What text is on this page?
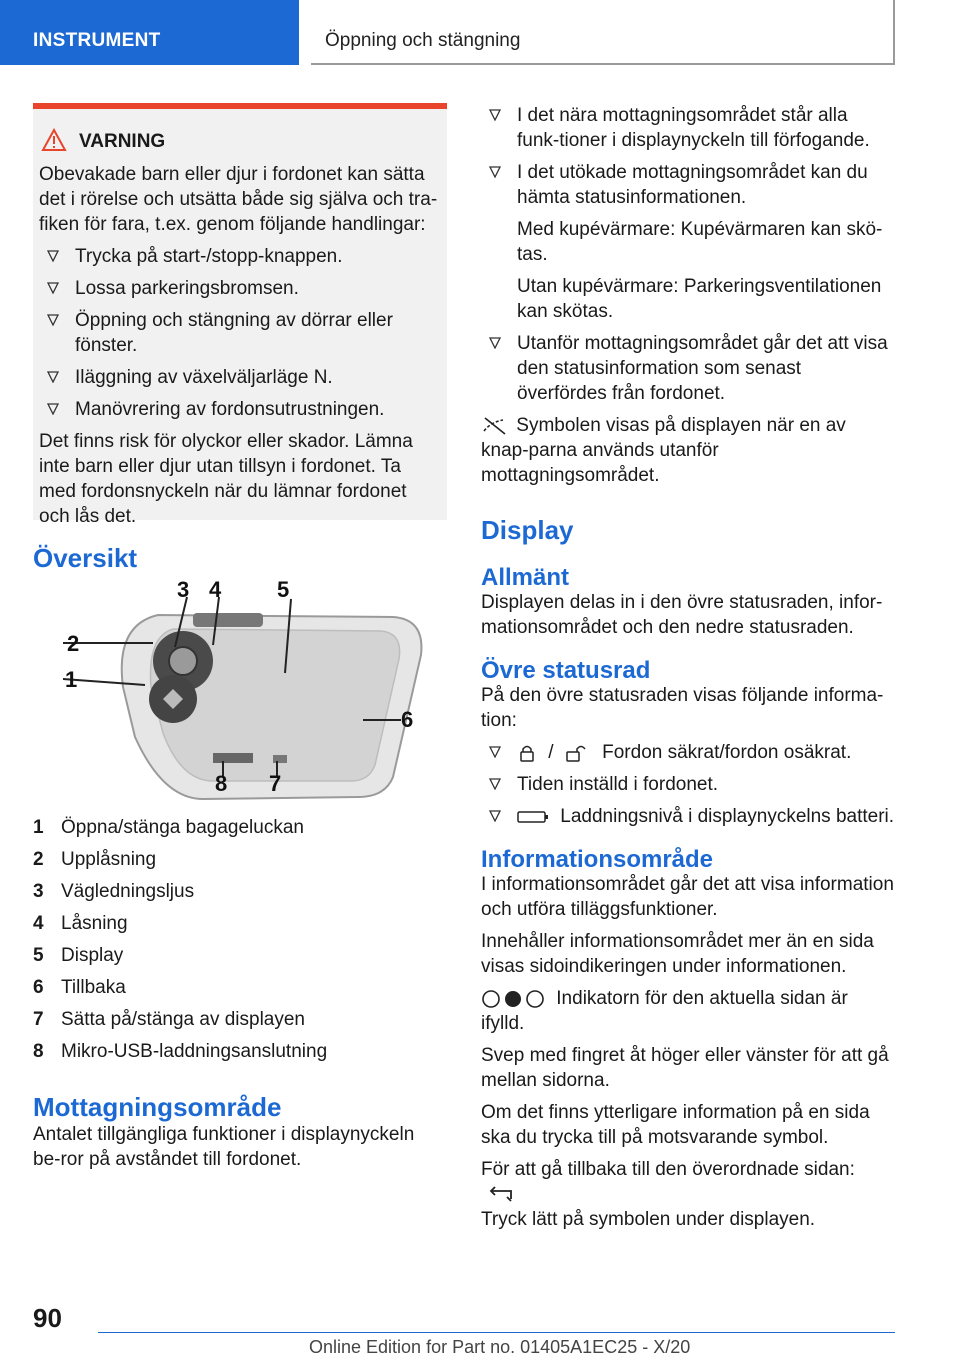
INSTRUMENT	Öppning och stängning
VARNING

Obevakade barn eller djur i fordonet kan sätta det i rörelse och utsätta både sig själva och tra-fiken för fara, t.ex. genom följande handlingar:

Trycka på start-/stopp-knappen.
Lossa parkeringsbromsen.
Öppning och stängning av dörrar eller fönster.
Iläggning av växelväljarläge N.
Manövrering av fordonsutrustningen.

Det finns risk för olyckor eller skador. Lämna inte barn eller djur utan tillsyn i fordonet. Ta med fordonsnyckeln när du lämnar fordonet och lås det.

Översikt
1
2
3 4	5
6
7
8
1 Öppna/stänga bagageluckan
2 Upplåsning
3 Vägledningsljus
4 Låsning
5 Display
6 Tillbaka
7 Sätta på/stänga av displayen
8 Mikro-USB-laddningsanslutning
Mottagningsområde

Antalet tillgängliga funktioner i displaynyckeln be-ror på avståndet till fordonet.

I det nära mottagningsområdet står alla funk-tioner i displaynyckeln till förfogande.
I det utökade mottagningsområdet kan du hämta statusinformationen.
Med kupévärmare: Kupévärmaren kan skö-tas.
Utan kupévärmare: Parkeringsventilationen kan skötas.
Utanför mottagningsområdet går det att visa den statusinformation som senast överfördes från fordonet.

Symbolen visas på displayen när en av knap-parna används utanför mottagningsområdet.

Display
Allmänt

Displayen delas in i den övre statusraden, infor-mationsområdet och den nedre statusraden.

Övre statusrad

På den övre statusraden visas följande informa-tion:

/	Fordon säkrat/fordon osäkrat.
Tiden inställd i fordonet.
Laddningsnivå i displaynyckelns batteri.
Informationsområde

I informationsområdet går det att visa information och utföra tilläggsfunktioner.

Innehåller informationsområdet mer än en sida visas sidoindikeringen under informationen.

Indikatorn för den aktuella sidan är ifylld.

Svep med fingret åt höger eller vänster för att gå mellan sidorna.

Om det finns ytterligare information på en sida ska du trycka till på motsvarande symbol.

För att gå tillbaka till den överordnade sidan:

Tryck lätt på symbolen under displayen.

90
Online Edition for Part no. 01405A1EC25 - X/20
